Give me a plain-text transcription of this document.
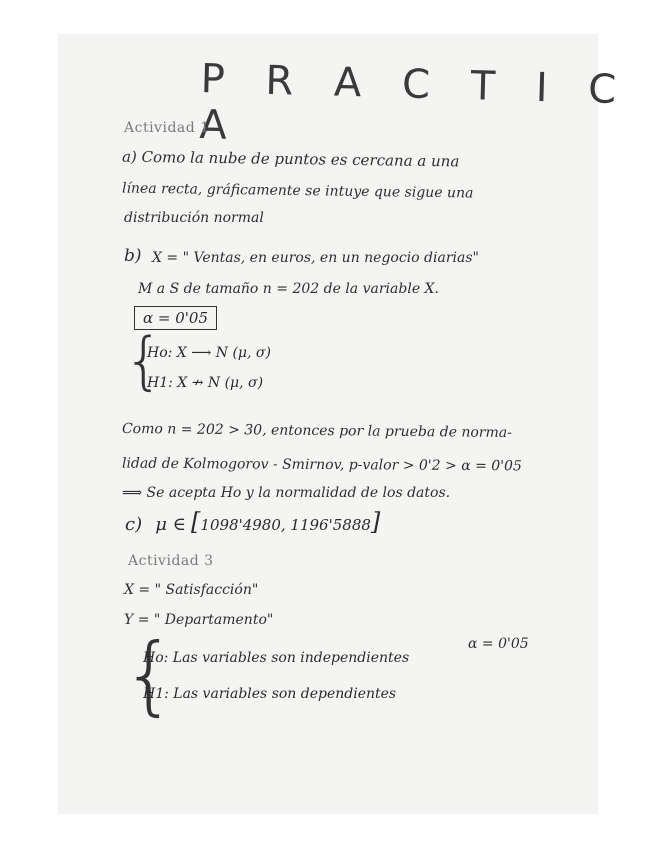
P R A C T I C A
Actividad 1
a) Como la nube de puntos es cercana a una
línea recta, gráficamente se intuye que sigue una
distribución normal
b) X = " Ventas, en euros, en un negocio diarias"
M a S de tamaño n = 202 de la variable X.
α = 0'05
{
Ho: X ⟶ N (μ, σ)
H1: X ↛ N (μ, σ)
Como n = 202 > 30, entonces por la prueba de norma-
lidad de Kolmogorov - Smirnov, p-valor > 0'2 > α = 0'05
⟹ Se acepta Ho y la normalidad de los datos.
c) μ ∈ [1098'4980, 1196'5888]
Actividad 3
X = " Satisfacción"
Y = " Departamento"
α = 0'05
{
Ho: Las variables son independientes
H1: Las variables son dependientes
